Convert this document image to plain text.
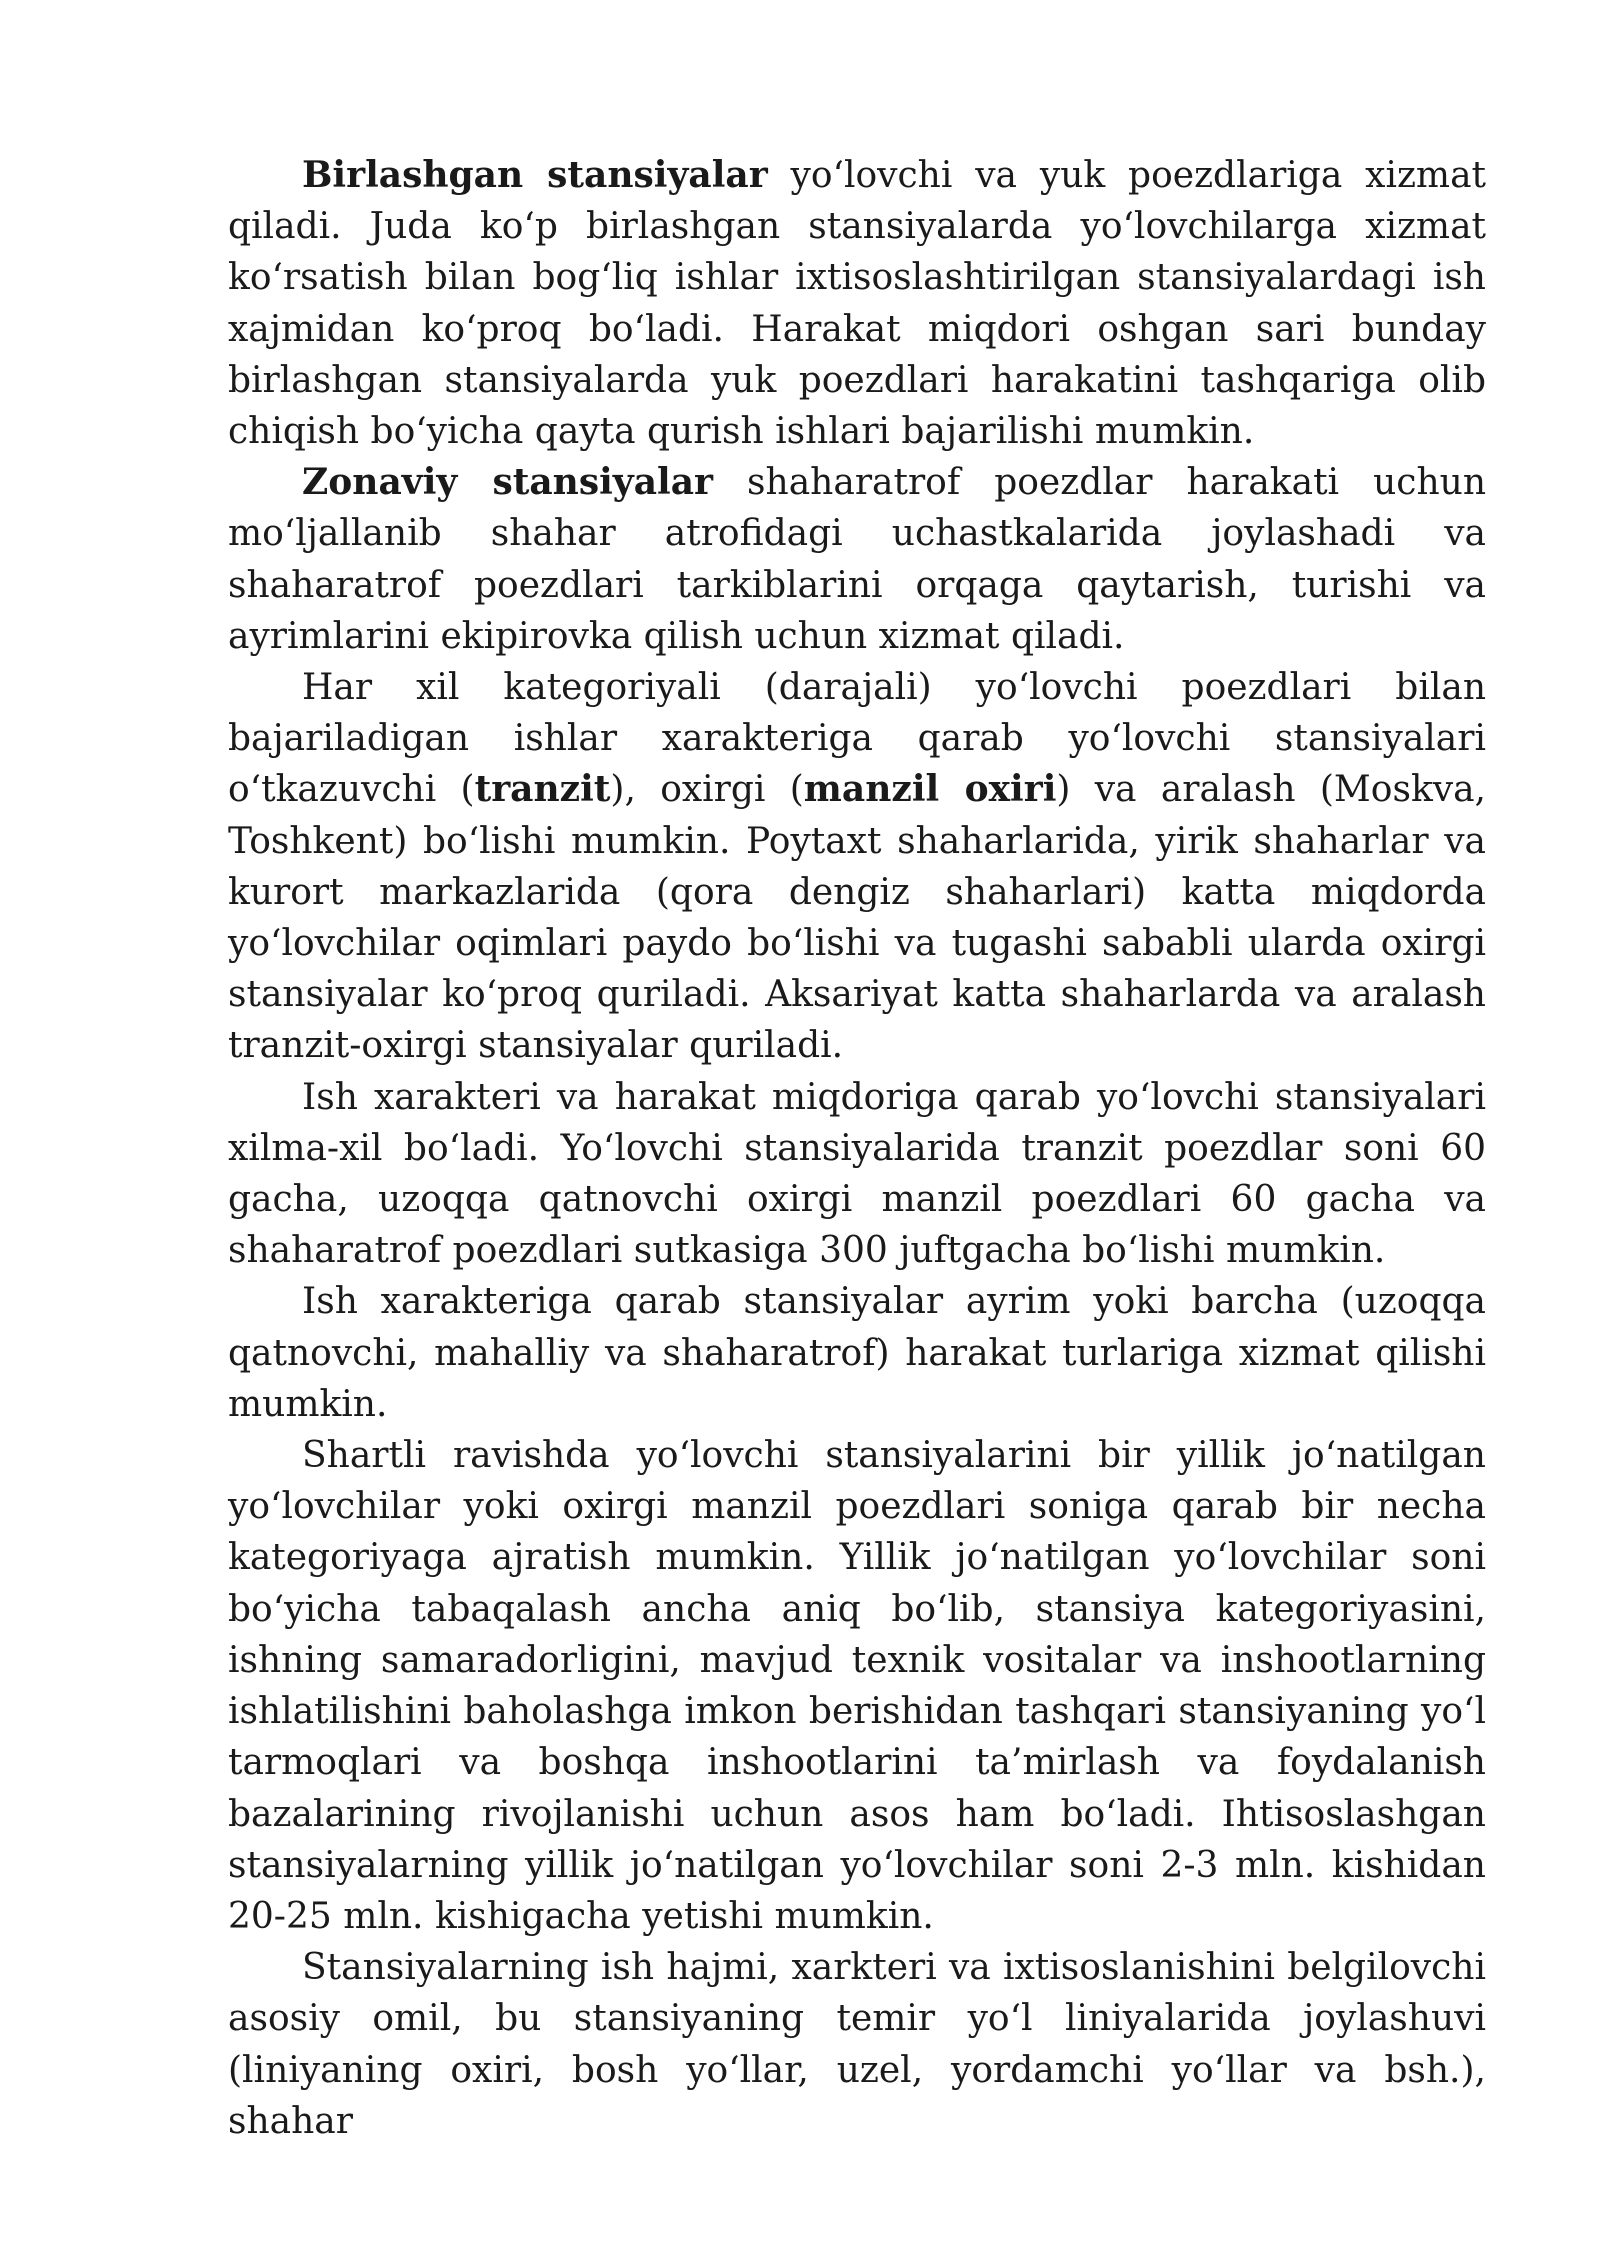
Birlashgan stansiyalar yo‘lovchi va yuk poezdlariga xizmat qiladi. Juda ko‘p birlashgan stansiyalarda yo‘lovchilarga xizmat ko‘rsatish bilan bog‘liq ishlar ixtisoslashtirilgan stansiyalardagi ish xajmidan ko‘proq bo‘ladi. Harakat miqdori oshgan sari bunday birlashgan stansiyalarda yuk poezdlari harakatini tashqariga olib chiqish bo‘yicha qayta qurish ishlari bajarilishi mumkin.

Zonaviy stansiyalar shaharatrof poezdlar harakati uchun mo‘ljallanib shahar atrofidagi uchastkalarida joylashadi va shaharatrof poezdlari tarkiblarini orqaga qaytarish, turishi va ayrimlarini ekipirovka qilish uchun xizmat qiladi.

Har xil kategoriyali (darajali) yo‘lovchi poezdlari bilan bajariladigan ishlar xarakteriga qarab yo‘lovchi stansiyalari o‘tkazuvchi (tranzit), oxirgi (manzil oxiri) va aralash (Moskva, Toshkent) bo‘lishi mumkin. Poytaxt shaharlarida, yirik shaharlar va kurort markazlarida (qora dengiz shaharlari) katta miqdorda yo‘lovchilar oqimlari paydo bo‘lishi va tugashi sababli ularda oxirgi stansiyalar ko‘proq quriladi. Aksariyat katta shaharlarda va aralash tranzit-oxirgi stansiyalar quriladi.

Ish xarakteri va harakat miqdoriga qarab yo‘lovchi stansiyalari xilma-xil bo‘ladi. Yo‘lovchi stansiyalarida tranzit poezdlar soni 60 gacha, uzoqqa qatnovchi oxirgi manzil poezdlari 60 gacha va shaharatrof poezdlari sutkasiga 300 juftgacha bo‘lishi mumkin.

Ish xarakteriga qarab stansiyalar ayrim yoki barcha (uzoqqa qatnovchi, mahalliy va shaharatrof) harakat turlariga xizmat qilishi mumkin.

Shartli ravishda yo‘lovchi stansiyalarini bir yillik jo‘natilgan yo‘lovchilar yoki oxirgi manzil poezdlari soniga qarab bir necha kategoriyaga ajratish mumkin. Yillik jo‘natilgan yo‘lovchilar soni bo‘yicha tabaqalash ancha aniq bo‘lib, stansiya kategoriyasini, ishning samaradorligini, mavjud texnik vositalar va inshootlarning ishlatilishini baholashga imkon berishidan tashqari stansiyaning yo‘l tarmoqlari va boshqa inshootlarini ta’mirlash va foydalanish bazalarining rivojlanishi uchun asos ham bo‘ladi. Ihtisoslashgan stansiyalarning yillik jo‘natilgan yo‘lovchilar soni 2-3 mln. kishidan 20-25 mln. kishigacha yetishi mumkin.

Stansiyalarning ish hajmi, xarkteri va ixtisoslanishini belgilovchi asosiy omil, bu stansiyaning temir yo‘l liniyalarida joylashuvi (liniyaning oxiri, bosh yo‘llar, uzel, yordamchi yo‘llar va bsh.), shahar
